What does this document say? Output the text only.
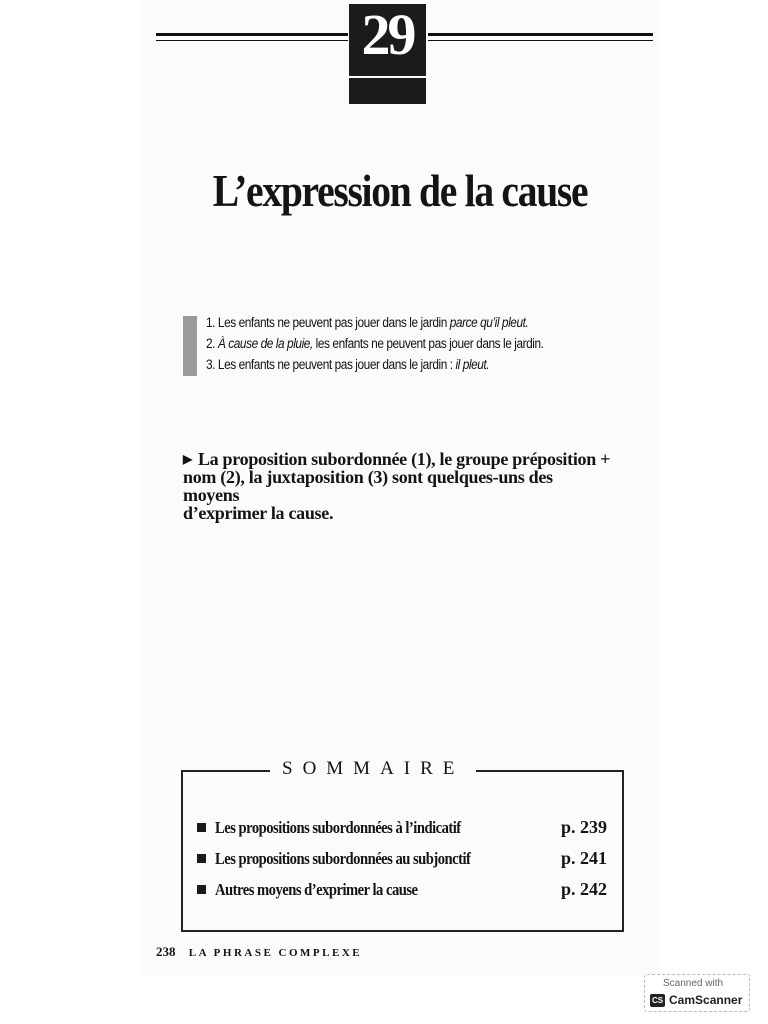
29
L’expression de la cause
1. Les enfants ne peuvent pas jouer dans le jardin parce qu’il pleut.
2. À cause de la pluie, les enfants ne peuvent pas jouer dans le jardin.
3. Les enfants ne peuvent pas jouer dans le jardin : il pleut.
▶ La proposition subordonnée (1), le groupe préposition +
nom (2), la juxtaposition (3) sont quelques-uns des moyens
d’exprimer la cause.
SOMMAIRE
Les propositions subordonnées à l’indicatif	p. 239
Les propositions subordonnées au subjonctif	p. 241
Autres moyens d’exprimer la cause	p. 242
238 LA PHRASE COMPLEXE
Scanned with
CS CamScanner
